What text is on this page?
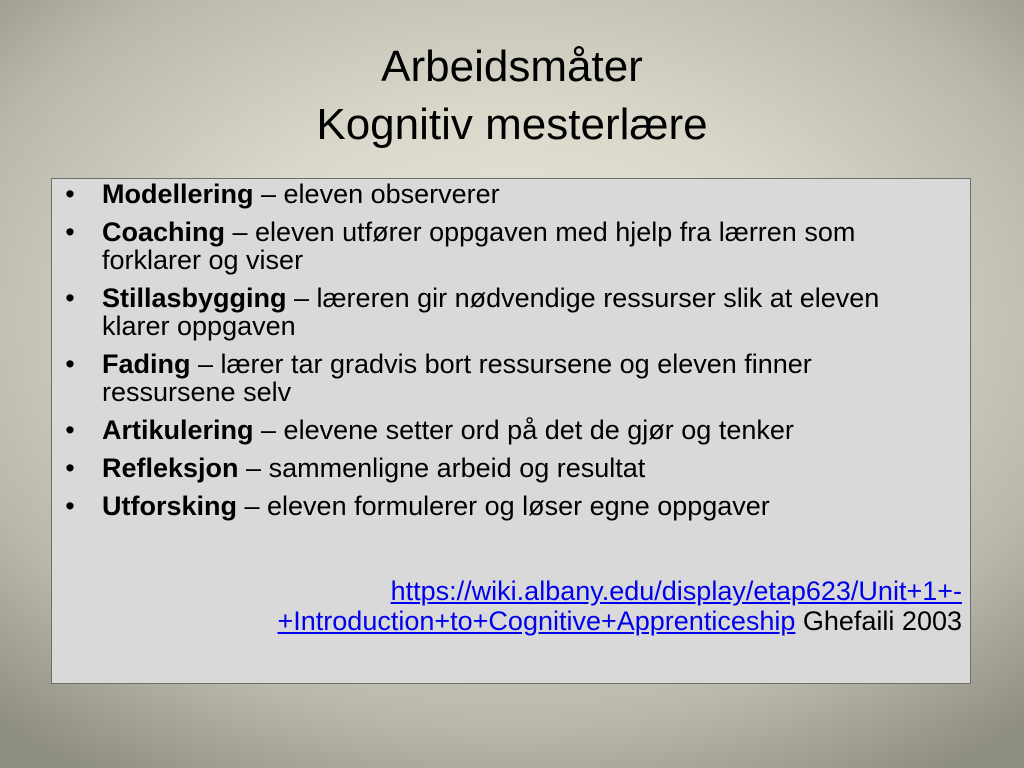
Arbeidsmåter
Kognitiv mesterlære
• Modellering – eleven observerer
• Coaching – eleven utfører oppgaven med hjelp fra lærren som forklarer og viser
• Stillasbygging – læreren gir nødvendige ressurser slik at eleven klarer oppgaven
• Fading – lærer tar gradvis bort ressursene og eleven finner ressursene selv
• Artikulering – elevene setter ord på det de gjør og tenker
• Refleksjon – sammenligne arbeid og resultat
• Utforsking – eleven formulerer og løser egne oppgaver
https://wiki.albany.edu/display/etap623/Unit+1+-+Introduction+to+Cognitive+Apprenticeship Ghefaili 2003
